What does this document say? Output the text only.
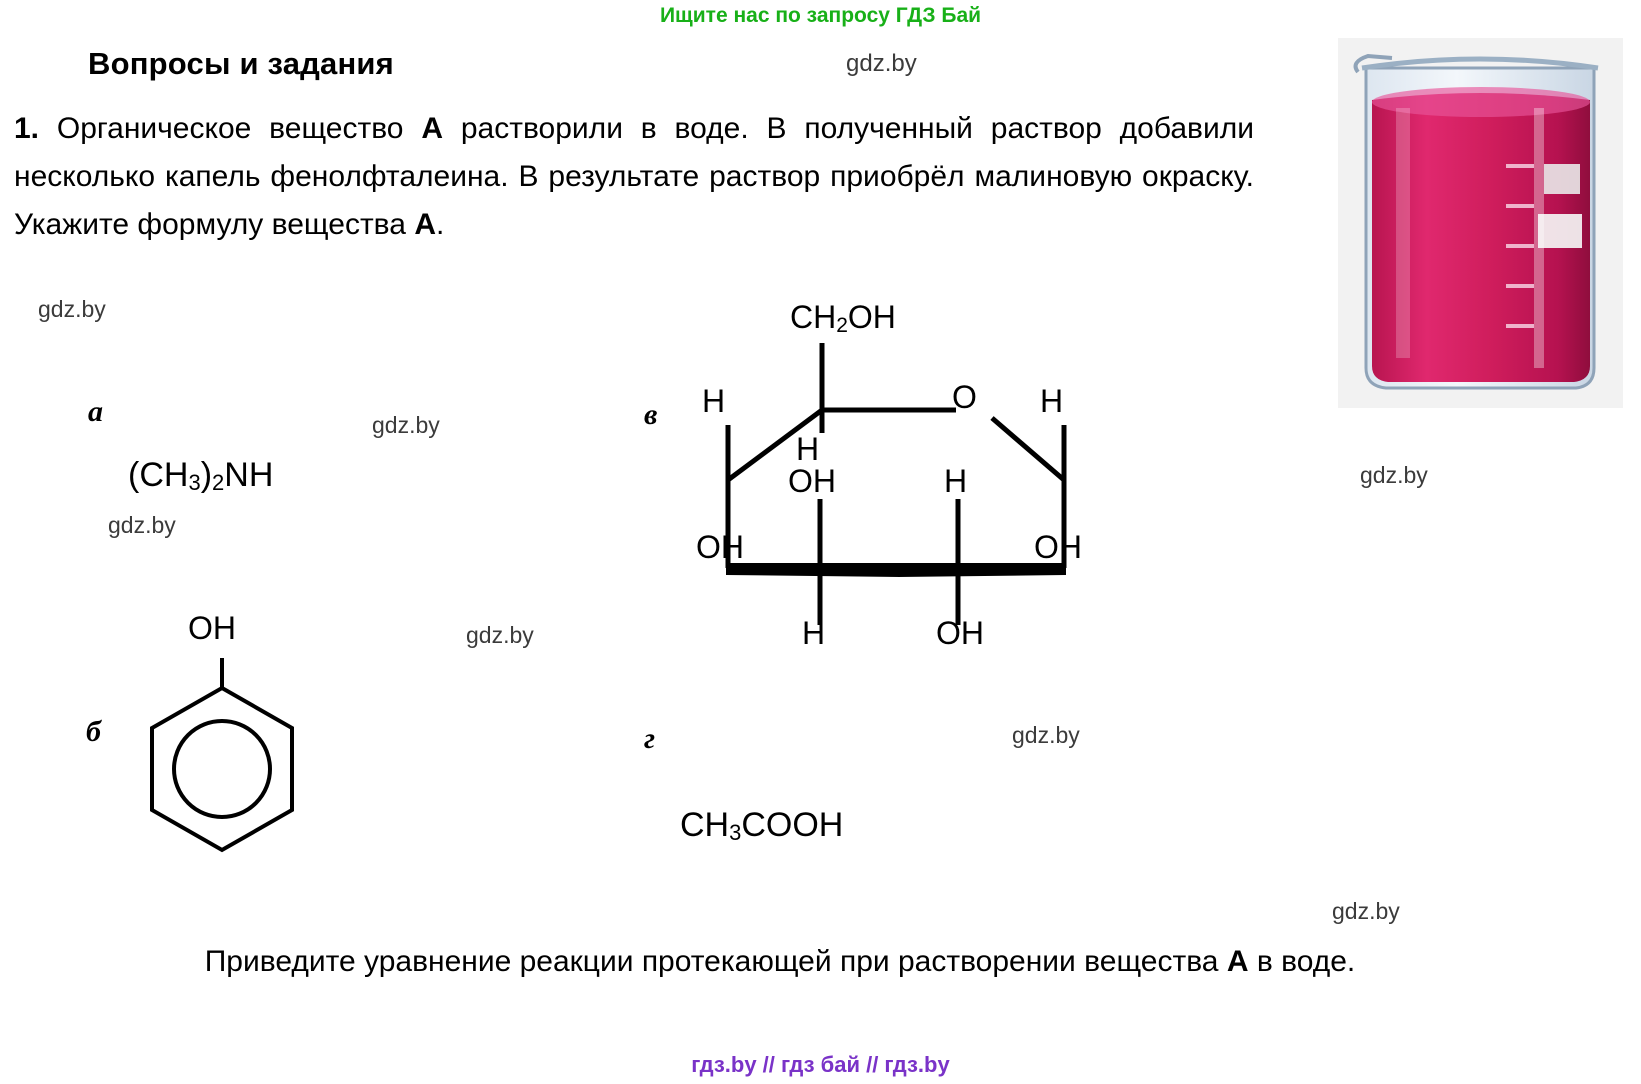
Ищите нас по запросу ГДЗ Бай
Вопросы и задания
1. Органическое вещество А растворили в воде. В полученный раствор добавили несколько капель фенолфталеина. В результате раствор приобрёл малиновую окраску. Укажите формулу вещества А.
gdz.by
gdz.by
gdz.by
gdz.by
gdz.by
gdz.by
gdz.by
gdz.by
а
$(CH_3)_2NH$
б
OH
в
$CH_2OH$
H	O H
H
OH	H
OH	OH
H	OH
г
$CH_3COOH$
Приведите уравнение реакции протекающей при растворении вещества А в воде.
гдз.by // гдз бай // гдз.by
